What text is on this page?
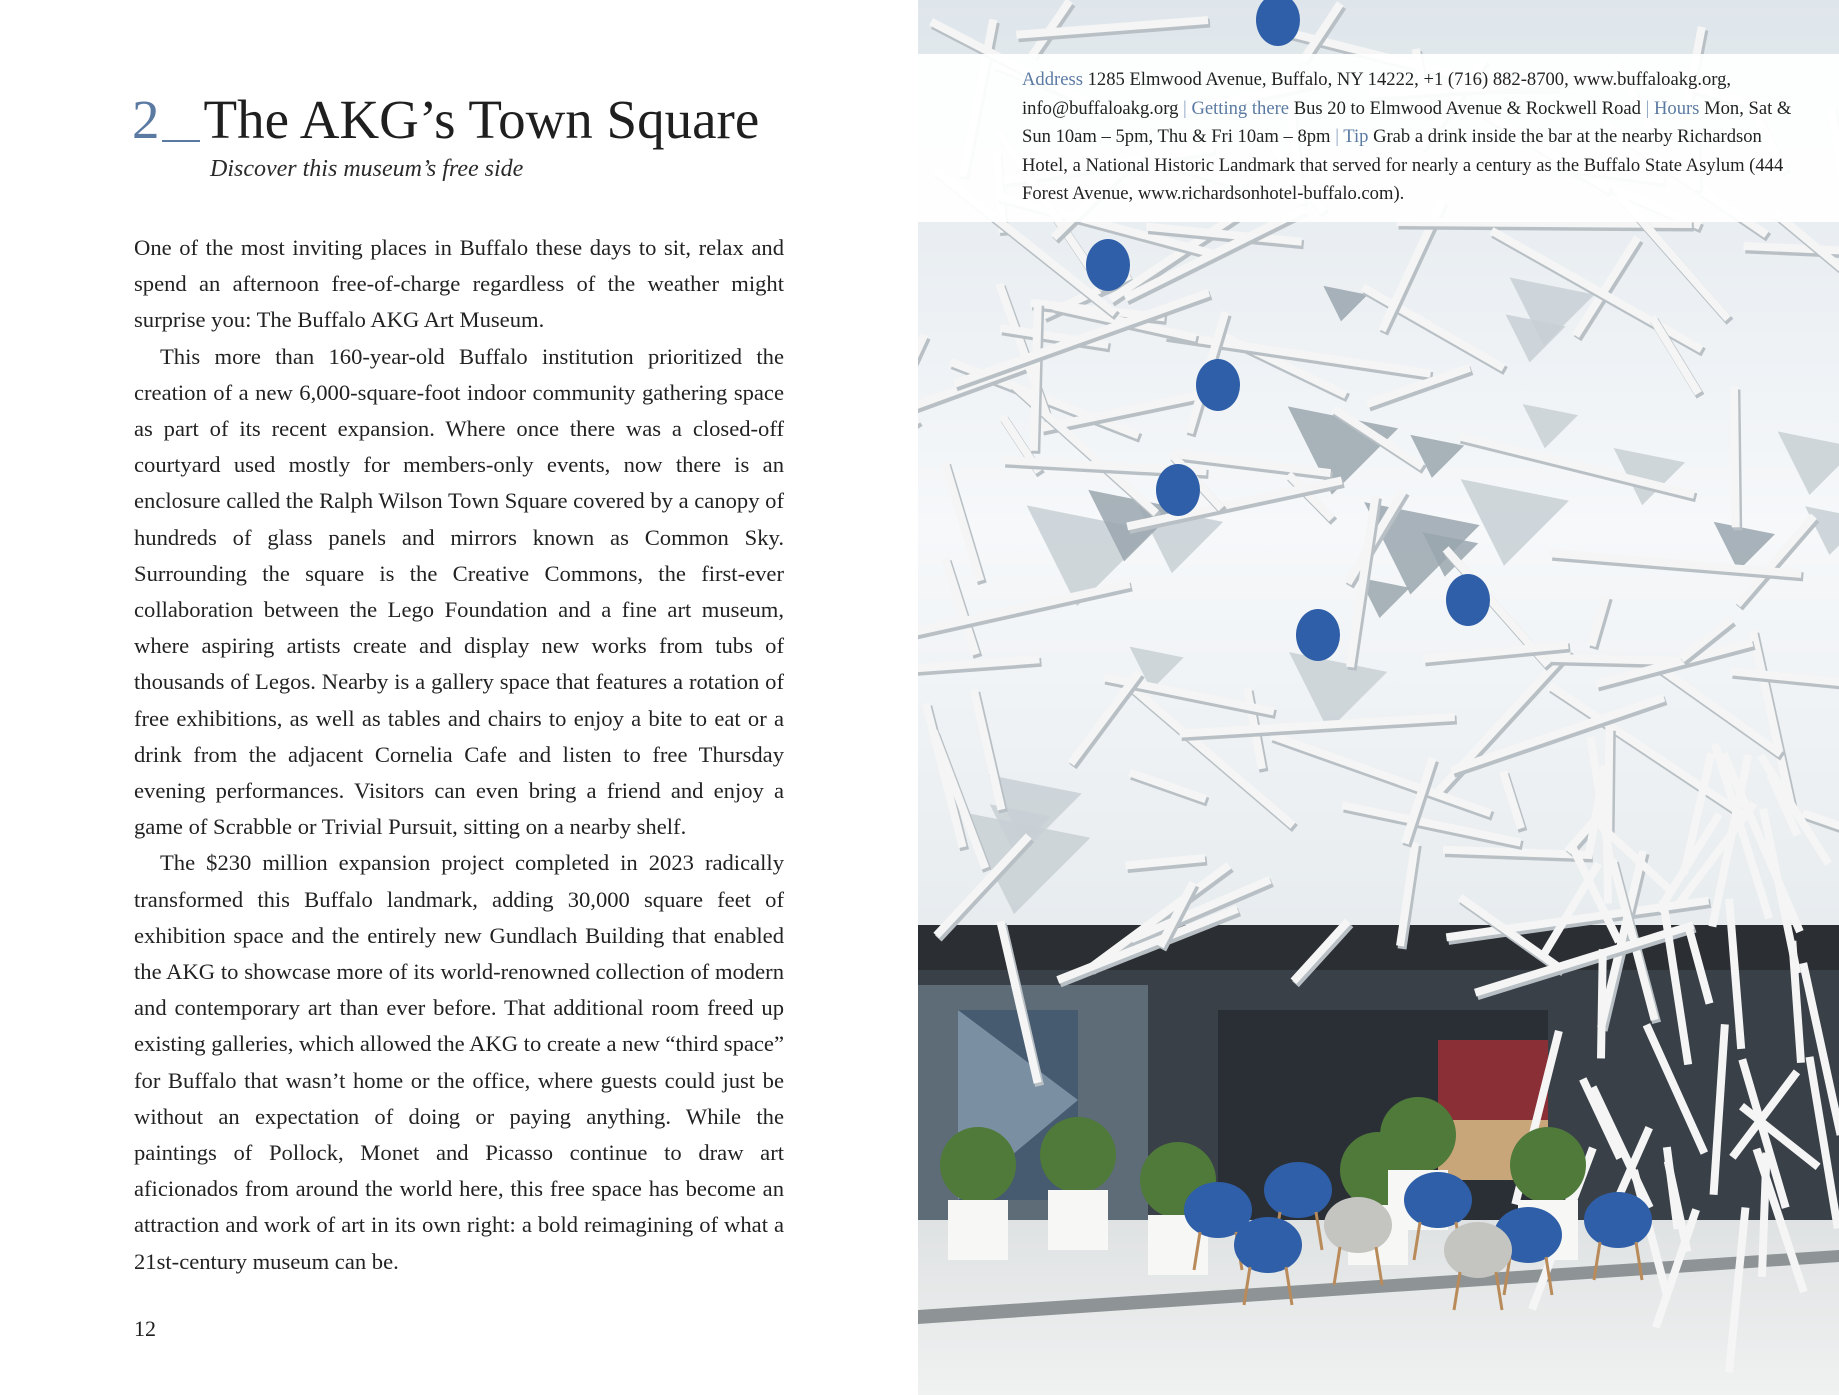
2 The AKG’s Town Square

Discover this museum’s free side

One of the most inviting places in Buffalo these days to sit, relax and spend an afternoon free-of-charge regardless of the weather might surprise you: The Buffalo AKG Art Museum.

This more than 160-year-old Buffalo institution prioritized the creation of a new 6,000-square-foot indoor community gathering space as part of its recent expansion. Where once there was a closed-off courtyard used mostly for members-only events, now there is an enclosure called the Ralph Wilson Town Square covered by a canopy of hundreds of glass panels and mirrors known as Common Sky. Surrounding the square is the Creative Commons, the first-ever collaboration between the Lego Foundation and a fine art museum, where aspiring artists create and display new works from tubs of thousands of Legos. Nearby is a gallery space that features a rotation of free exhibitions, as well as tables and chairs to enjoy a bite to eat or a drink from the adjacent Cornelia Cafe and listen to free Thursday evening performances. Visitors can even bring a friend and enjoy a game of Scrabble or Trivial Pursuit, sitting on a nearby shelf.

The $230 million expansion project completed in 2023 radically transformed this Buffalo landmark, adding 30,000 square feet of exhibition space and the entirely new Gundlach Building that enabled the AKG to showcase more of its world-renowned collection of modern and contemporary art than ever before. That additional room freed up existing galleries, which allowed the AKG to create a new “third space” for Buffalo that wasn’t home or the office, where guests could just be without an expectation of doing or paying anything. While the paintings of Pollock, Monet and Picasso continue to draw art aficionados from around the world here, this free space has become an attraction and work of art in its own right: a bold reimagining of what a 21st-century museum can be.

12

Address 1285 Elmwood Avenue, Buffalo, NY 14222, +1 (716) 882-8700, www.buffaloakg.org, info@buffaloakg.org | Getting there Bus 20 to Elmwood Avenue & Rockwell Road | Hours Mon, Sat & Sun 10am – 5pm, Thu & Fri 10am – 8pm | Tip Grab a drink inside the bar at the nearby Richardson Hotel, a National Historic Landmark that served for nearly a century as the Buffalo State Asylum (444 Forest Avenue, www.richardsonhotel-buffalo.com).
